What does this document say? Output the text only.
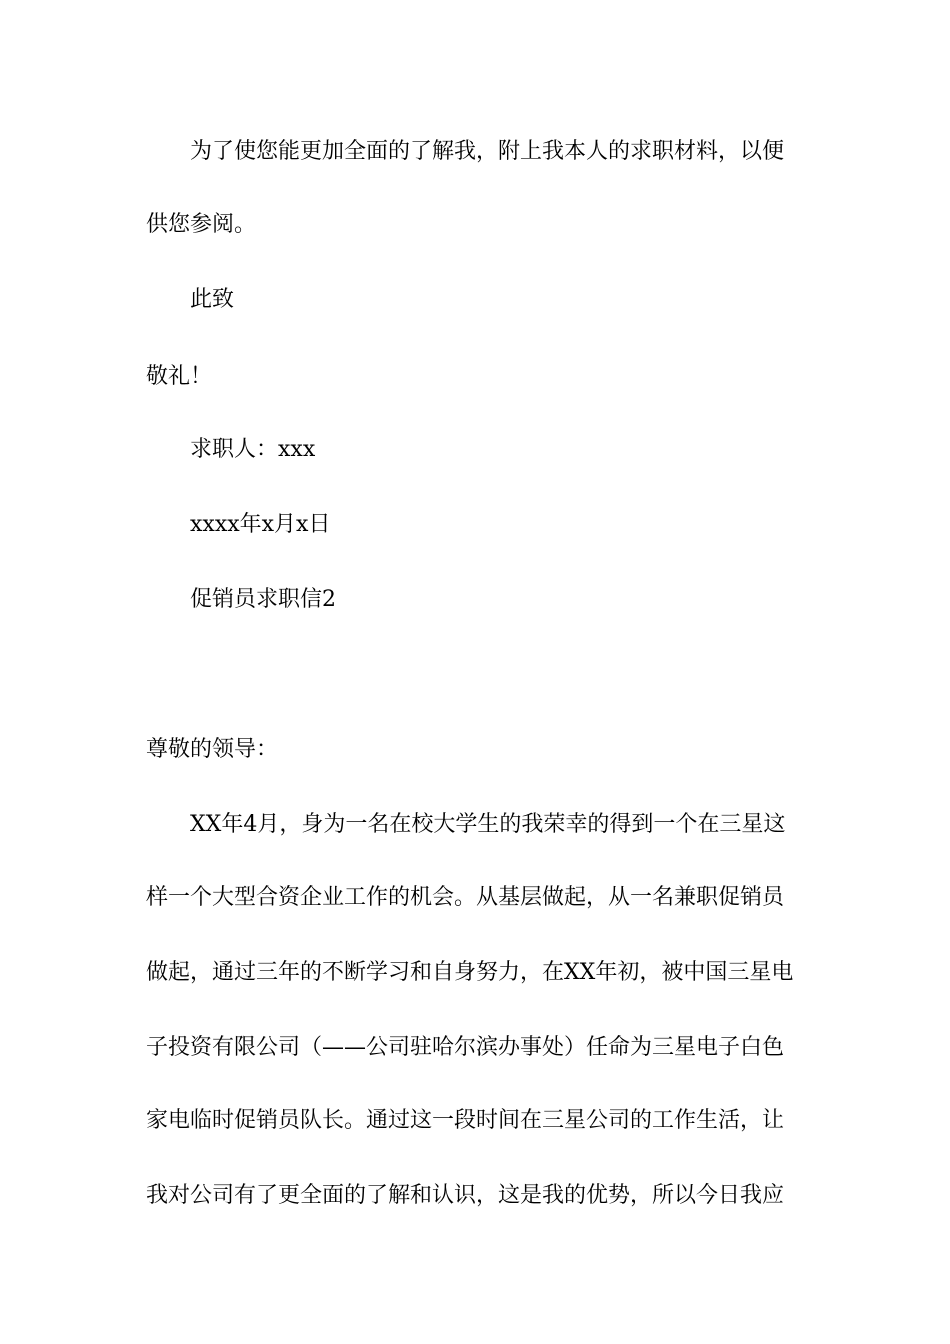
为了使您能更加全面的了解我，附上我本人的求职材料，以便
供您参阅。
此致
敬礼！
求职人：xxx
xxxx年x月x日
促销员求职信2
尊敬的领导：
XX年4月，身为一名在校大学生的我荣幸的得到一个在三星这
样一个大型合资企业工作的机会。从基层做起，从一名兼职促销员
做起，通过三年的不断学习和自身努力，在XX年初，被中国三星电
子投资有限公司（——公司驻哈尔滨办事处）任命为三星电子白色
家电临时促销员队长。通过这一段时间在三星公司的工作生活，让
我对公司有了更全面的了解和认识，这是我的优势，所以今日我应
